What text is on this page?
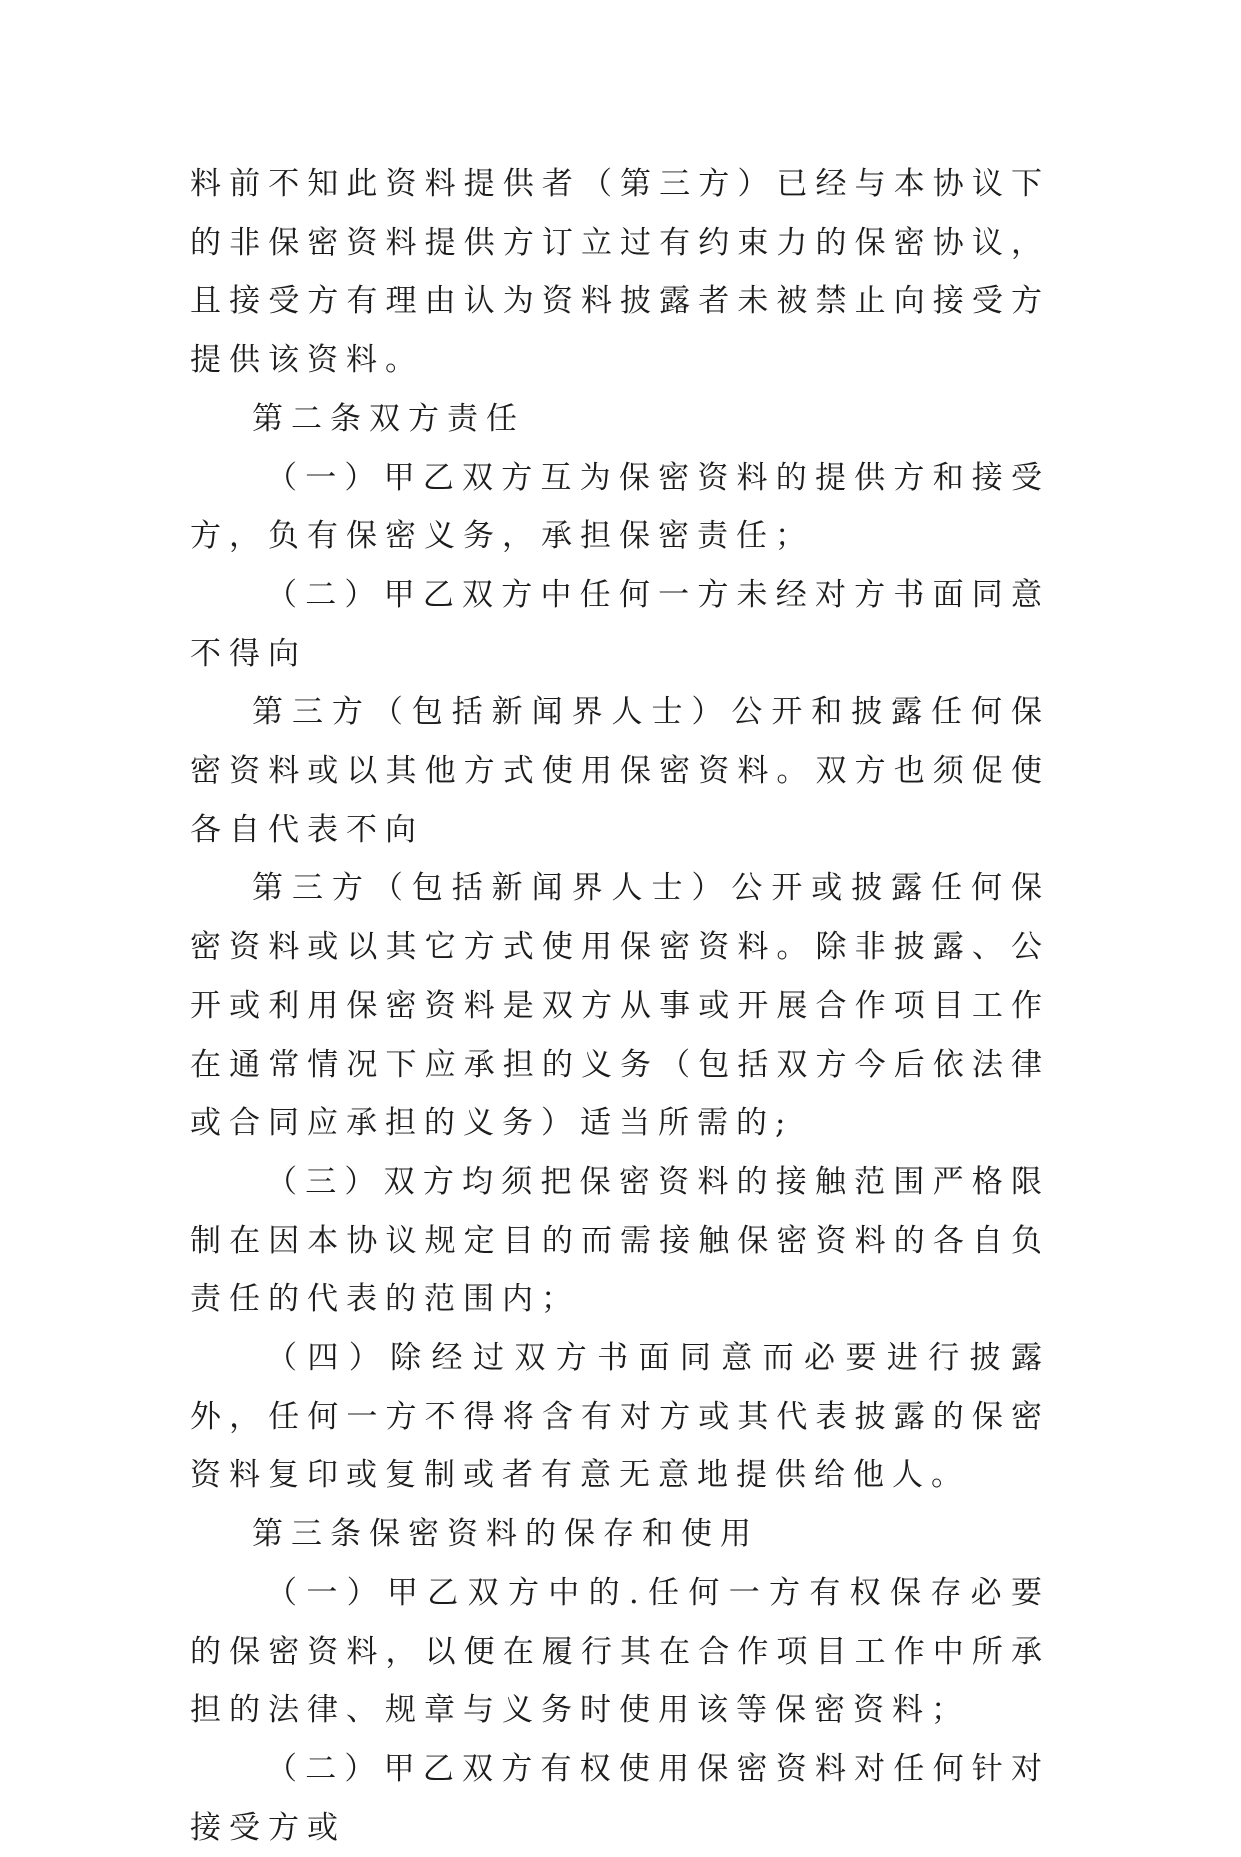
料前不知此资料提供者（第三方）已经与本协议下的非保密资料提供方订立过有约束力的保密协议，且接受方有理由认为资料披露者未被禁止向接受方提供该资料。

第二条双方责任

（一）甲乙双方互为保密资料的提供方和接受方，负有保密义务，承担保密责任；

（二）甲乙双方中任何一方未经对方书面同意不得向

第三方（包括新闻界人士）公开和披露任何保密资料或以其他方式使用保密资料。双方也须促使各自代表不向

第三方（包括新闻界人士）公开或披露任何保密资料或以其它方式使用保密资料。除非披露、公开或利用保密资料是双方从事或开展合作项目工作在通常情况下应承担的义务（包括双方今后依法律或合同应承担的义务）适当所需的;

（三）双方均须把保密资料的接触范围严格限制在因本协议规定目的而需接触保密资料的各自负责任的代表的范围内；

（四）除经过双方书面同意而必要进行披露外，任何一方不得将含有对方或其代表披露的保密资料复印或复制或者有意无意地提供给他人。

第三条保密资料的保存和使用

（一）甲乙双方中的.任何一方有权保存必要的保密资料，以便在履行其在合作项目工作中所承担的法律、规章与义务时使用该等保密资料；

（二）甲乙双方有权使用保密资料对任何针对接受方或
